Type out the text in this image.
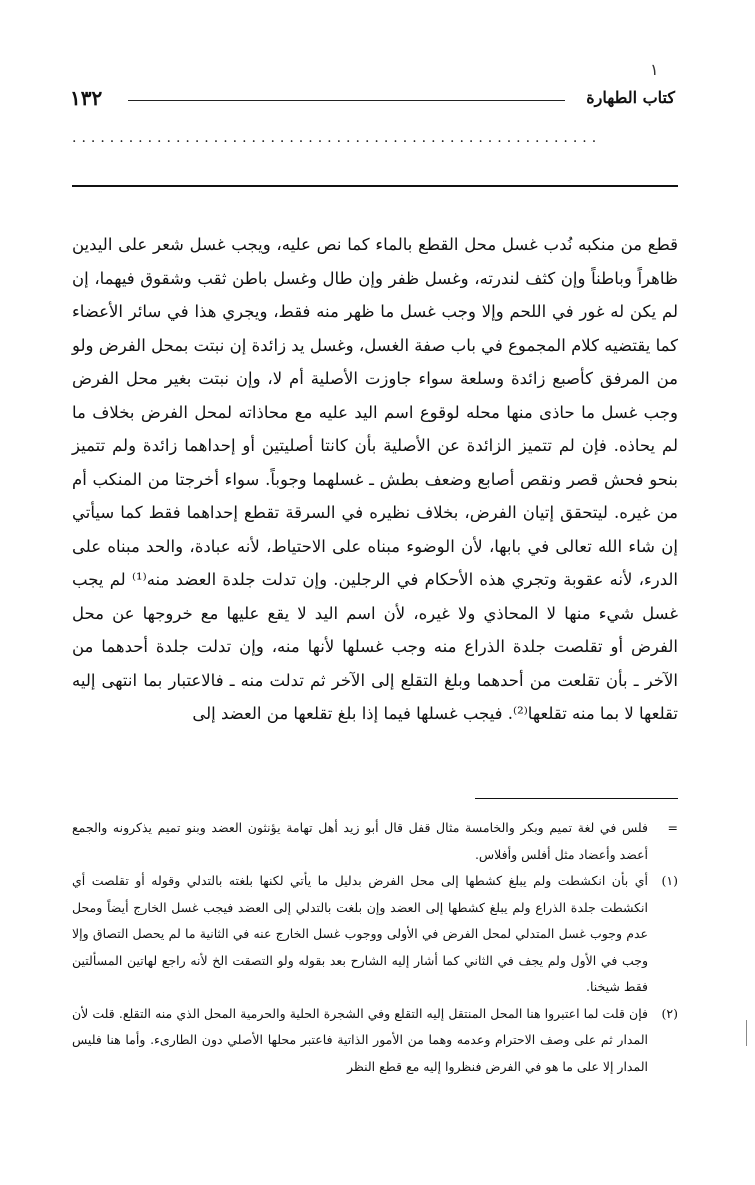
١
١٣٢	كتاب الطهارة
........................................................

قطع من منكبه نُدب غسل محل القطع بالماء كما نص عليه، ويجب غسل شعر على اليدين ظاهراً وباطناً وإن كثف لندرته، وغسل ظفر وإن طال وغسل باطن ثقب وشقوق فيهما، إن لم يكن له غور في اللحم وإلا وجب غسل ما ظهر منه فقط، ويجري هذا في سائر الأعضاء كما يقتضيه كلام المجموع في باب صفة الغسل، وغسل يد زائدة إن نبتت بمحل الفرض ولو من المرفق كأصبع زائدة وسلعة سواء جاوزت الأصلية أم لا، وإن نبتت بغير محل الفرض وجب غسل ما حاذى منها محله لوقوع اسم اليد عليه مع محاذاته لمحل الفرض بخلاف ما لم يحاذه. فإن لم تتميز الزائدة عن الأصلية بأن كانتا أصليتين أو إحداهما زائدة ولم تتميز بنحو فحش قصر ونقص أصابع وضعف بطش ـ غسلهما وجوباً. سواء أخرجتا من المنكب أم من غيره. ليتحقق إتيان الفرض، بخلاف نظيره في السرقة تقطع إحداهما فقط كما سيأتي إن شاء الله تعالى في بابها، لأن الوضوء مبناه على الاحتياط، لأنه عبادة، والحد مبناه على الدرء، لأنه عقوبة وتجري هذه الأحكام في الرجلين. وإن تدلت جلدة العضد منه⁽¹⁾ لم يجب غسل شيء منها لا المحاذي ولا غيره، لأن اسم اليد لا يقع عليها مع خروجها عن محل الفرض أو تقلصت جلدة الذراع منه وجب غسلها لأنها منه، وإن تدلت جلدة أحدهما من الآخر ـ بأن تقلعت من أحدهما وبلغ التقلع إلى الآخر ثم تدلت منه ـ فالاعتبار بما انتهى إليه تقلعها لا بما منه تقلعها⁽²⁾. فيجب غسلها فيما إذا بلغ تقلعها من العضد إلى

=
فلس في لغة تميم وبكر والخامسة مثال قفل قال أبو زيد أهل تهامة يؤنثون العضد وبنو تميم يذكرونه والجمع أعضد وأعضاد مثل أفلس وأفلاس.
(١)
أي بأن انكشطت ولم يبلغ كشطها إلى محل الفرض بدليل ما يأتي لكنها بلغته بالتدلي وقوله أو تقلصت أي انكشطت جلدة الذراع ولم يبلغ كشطها إلى العضد وإن بلغت بالتدلي إلى العضد فيجب غسل الخارج أيضاً ومحل عدم وجوب غسل المتدلي لمحل الفرض في الأولى ووجوب غسل الخارج عنه في الثانية ما لم يحصل التصاق وإلا وجب في الأول ولم يجف في الثاني كما أشار إليه الشارح بعد بقوله ولو التصقت الخ لأنه راجع لهاتين المسألتين فقط شيخنا.
(٢)
فإن قلت لما اعتبروا هنا المحل المنتقل إليه التقلع وفي الشجرة الحلية والحرمية المحل الذي منه التقلع. قلت لأن المدار ثم على وصف الاحترام وعدمه وهما من الأمور الذاتية فاعتبر محلها الأصلي دون الطارىء. وأما هنا فليس المدار إلا على ما هو في الفرض فنظروا إليه مع قطع النظر
